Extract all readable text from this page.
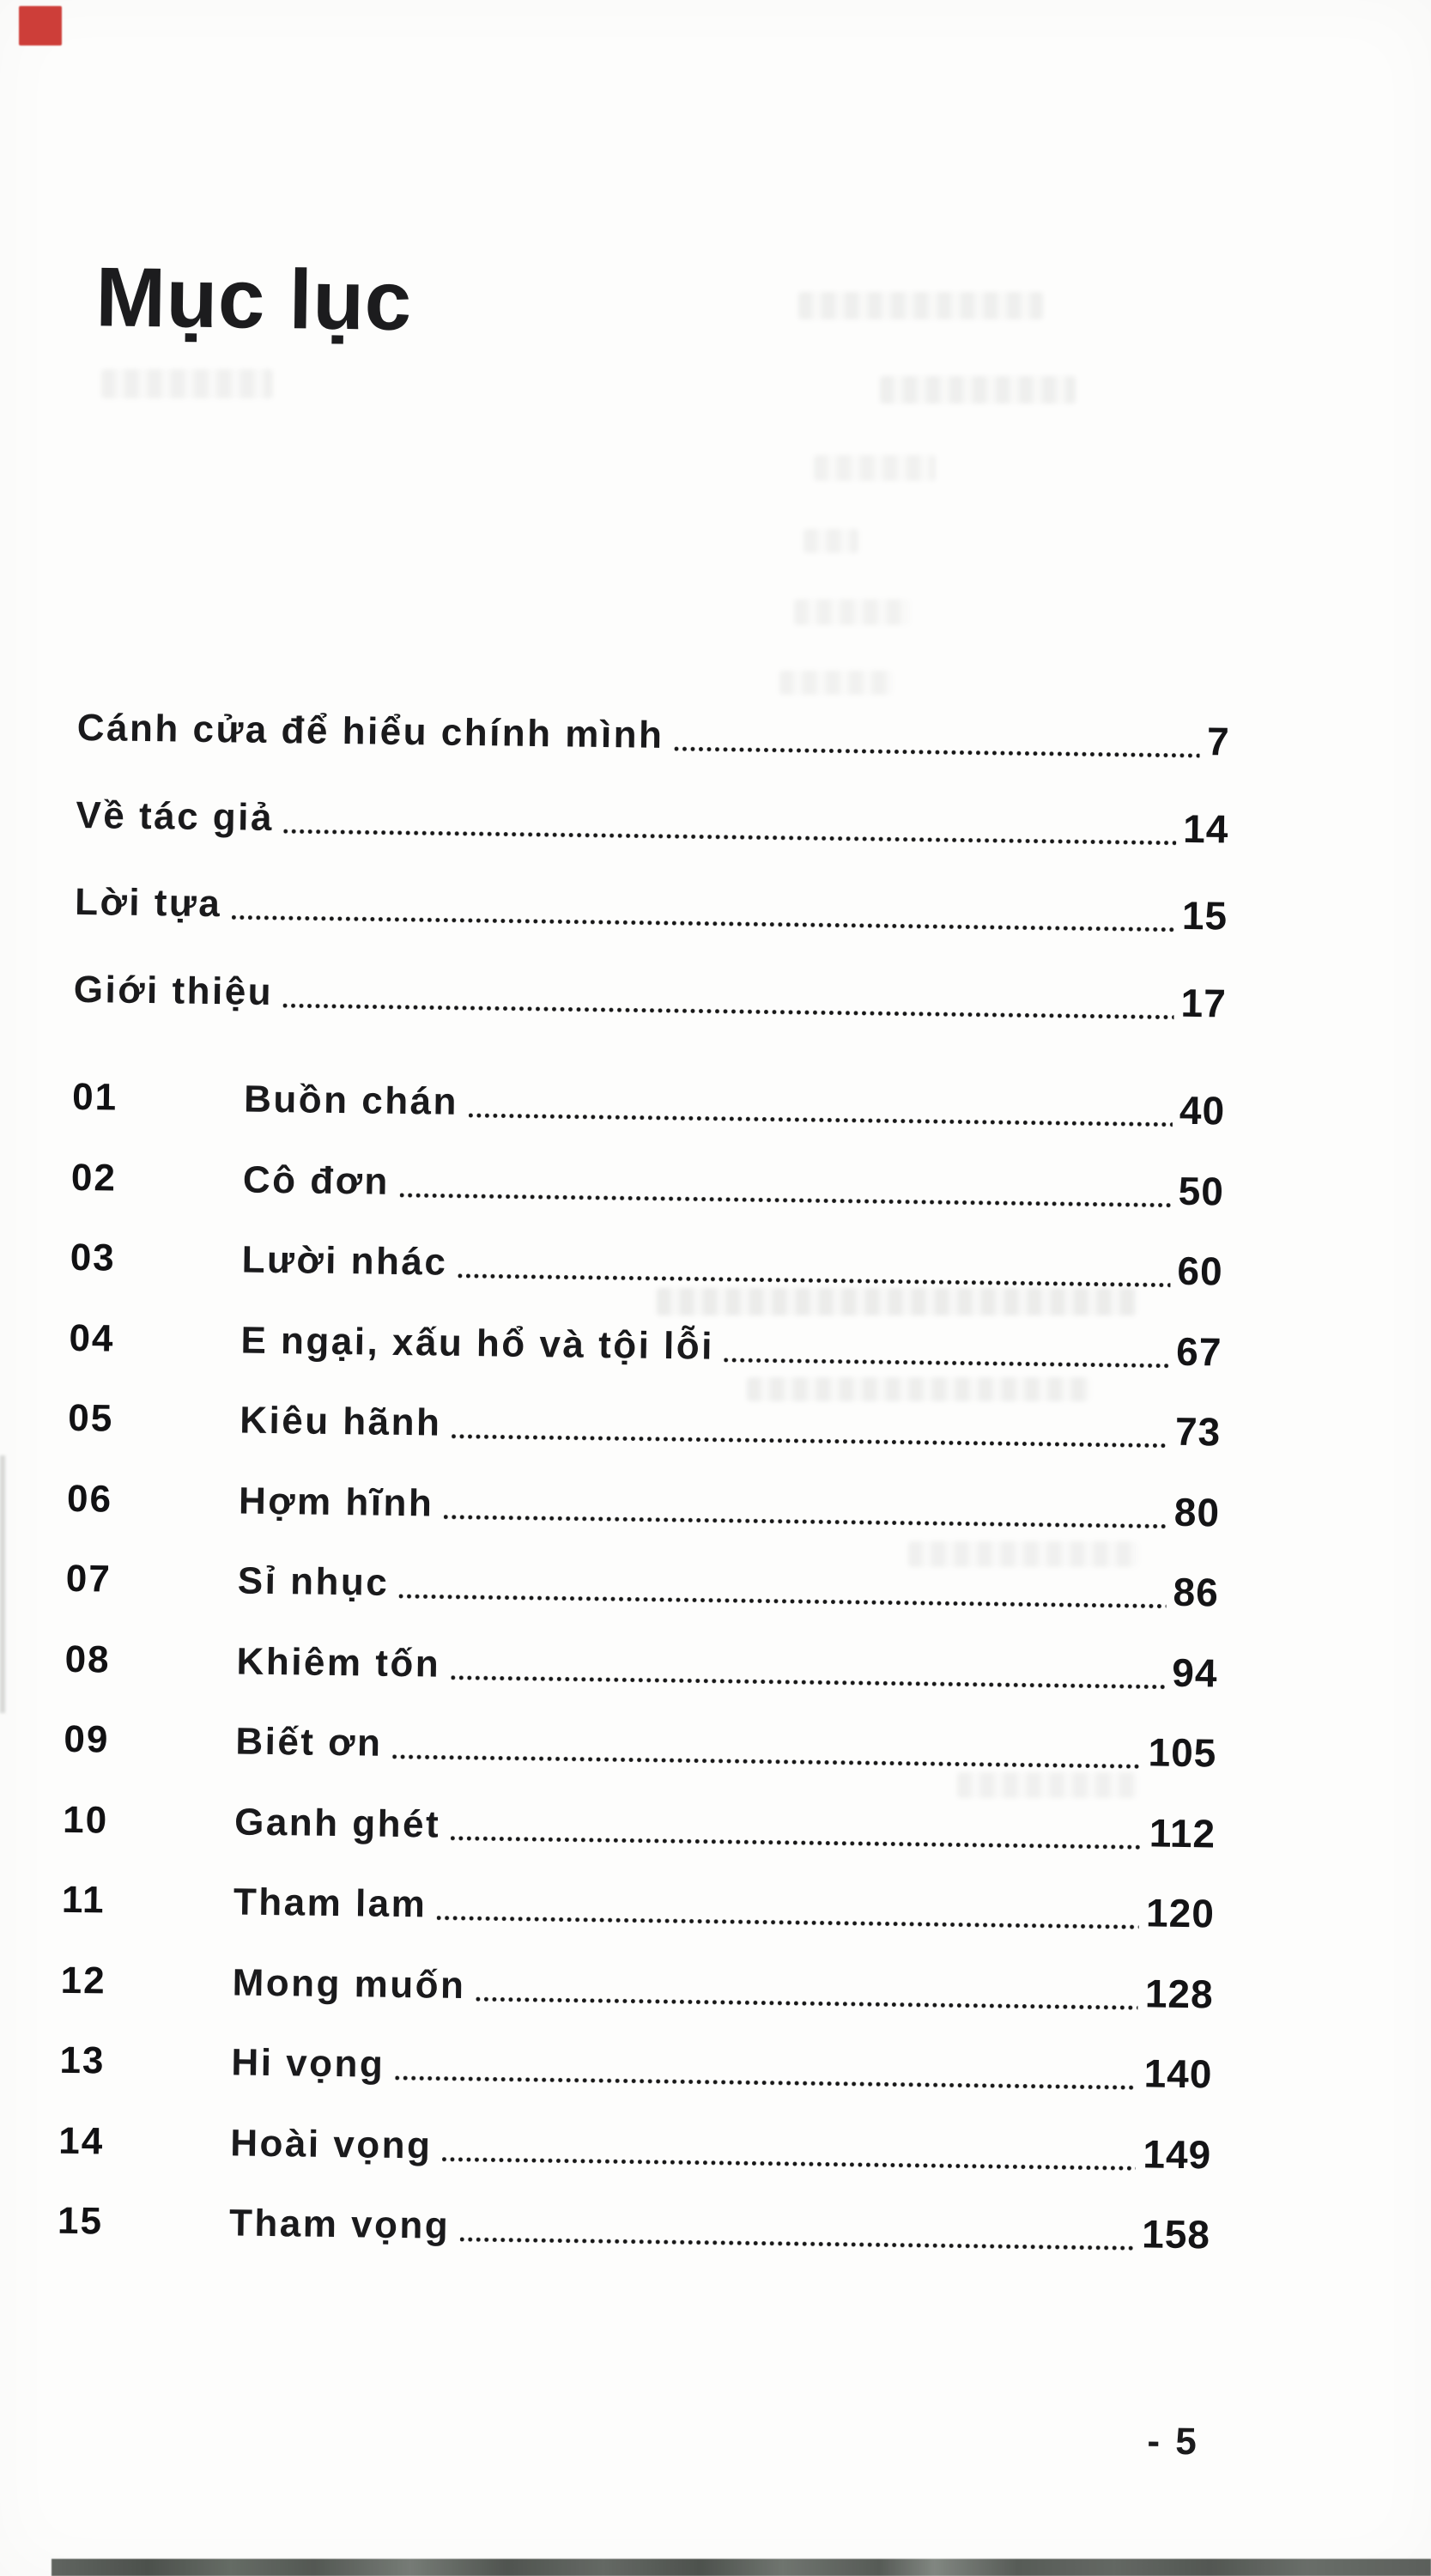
Mục lục
Cánh cửa để hiểu chính mình	7
Về tác giả	14
Lời tựa	15
Giới thiệu	17
01	Buồn chán	40
02	Cô đơn	50
03	Lười nhác	60
04	E ngại, xấu hổ và tội lỗi	67
05	Kiêu hãnh	73
06	Hợm hĩnh	80
07	Sỉ nhục	86
08	Khiêm tốn	94
09	Biết ơn	105
10	Ganh ghét	112
11	Tham lam	120
12	Mong muốn	128
13	Hi vọng	140
14	Hoài vọng	149
15	Tham vọng	158
- 5
